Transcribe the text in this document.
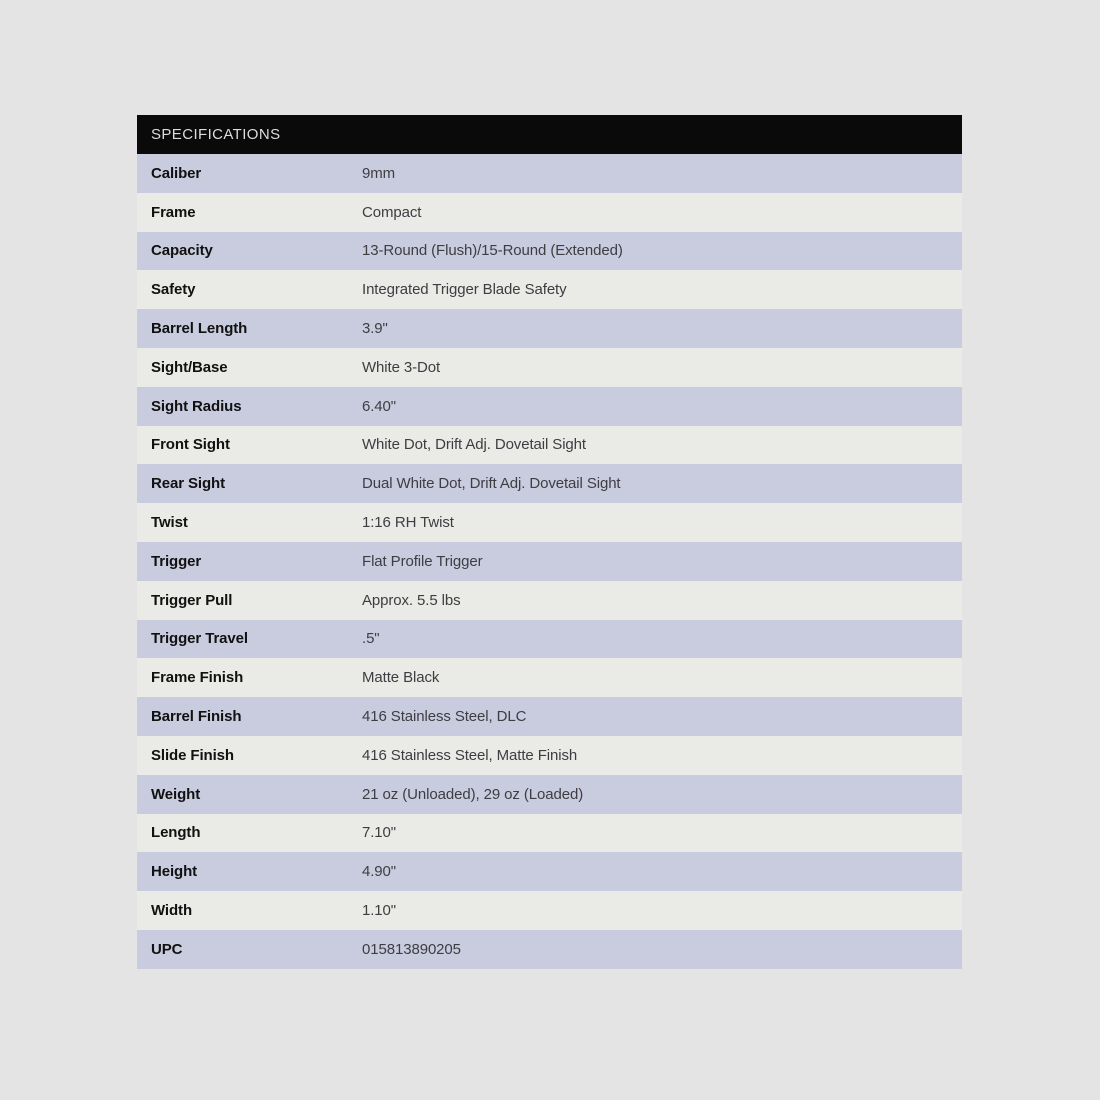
SPECIFICATIONS
Caliber	9mm
Frame	Compact
Capacity	13-Round (Flush)/15-Round (Extended)
Safety	Integrated Trigger Blade Safety
Barrel Length	3.9"
Sight/Base	White 3-Dot
Sight Radius	6.40"
Front Sight	White Dot, Drift Adj. Dovetail Sight
Rear Sight	Dual White Dot, Drift Adj. Dovetail Sight
Twist	1:16 RH Twist
Trigger	Flat Profile Trigger
Trigger Pull	Approx. 5.5 lbs
Trigger Travel	.5"
Frame Finish	Matte Black
Barrel Finish	416 Stainless Steel, DLC
Slide Finish	416 Stainless Steel, Matte Finish
Weight	21 oz (Unloaded), 29 oz (Loaded)
Length	7.10"
Height	4.90"
Width	1.10"
UPC	015813890205
